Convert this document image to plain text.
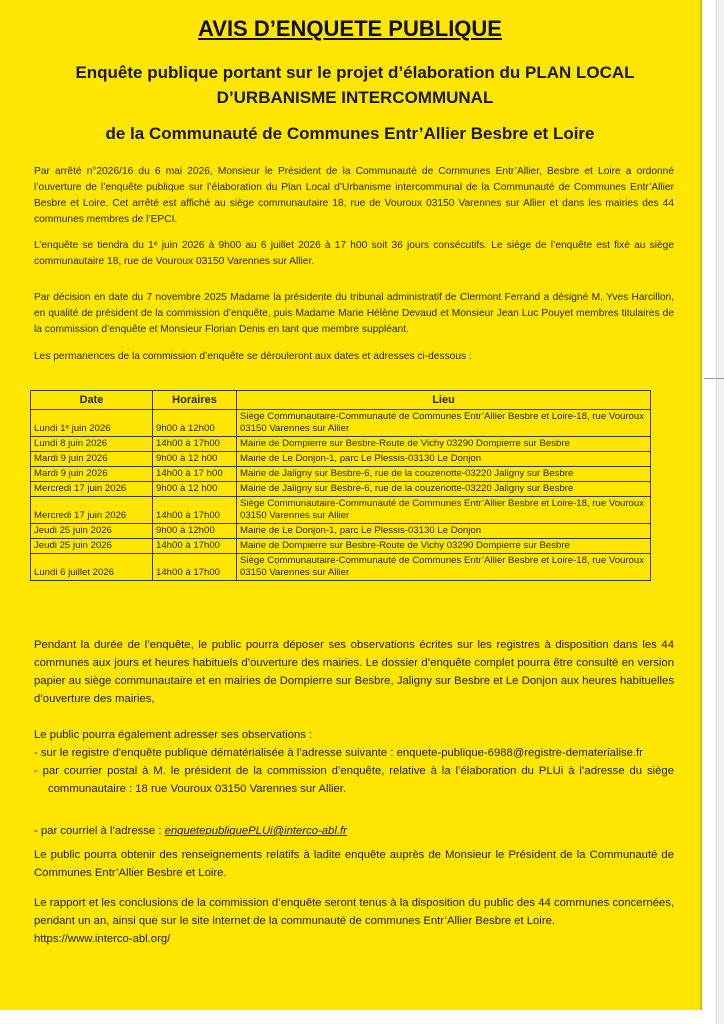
AVIS D’ENQUETE PUBLIQUE
Enquête publique portant sur le projet d’élaboration du PLAN LOCAL
D’URBANISME INTERCOMMUNAL
de la Communauté de Communes Entr’Allier Besbre et Loire

Par arrêté n°2026/16 du 6 mai 2026, Monsieur le Président de la Communauté de Communes Entr’Allier, Besbre et Loire a ordonné l’ouverture de l’enquête publique sur l’élaboration du Plan Local d’Urbanisme intercommunal de la Communauté de Communes Entr’Allier Besbre et Loire. Cet arrêté est affiché au siège communautaire 18, rue de Vouroux 03150 Varennes sur Allier et dans les mairies des 44 communes membres de l’EPCI.

L’enquête se tiendra du 1ᵉ juin 2026 à 9h00 au 6 juillet 2026 à 17 h00 soit 36 jours consécutifs. Le siège de l’enquête est fixé au siège communautaire 18, rue de Vouroux 03150 Varennes sur Allier.

Par décision en date du 7 novembre 2025 Madame la présidente du tribunal administratif de Clermont Ferrand a désigné M. Yves Harcillon, en qualité de président de la commission d’enquête, puis Madame Marie Hélène Devaud et Monsieur Jean Luc Pouyet membres titulaires de la commission d’enquête et Monsieur Florian Denis en tant que membre suppléant.

Les permanences de la commission d’enquête se dérouleront aux dates et adresses ci-dessous :

Date	Horaires	Lieu
Lundi 1ᵉ juin 2026	9h00 à 12h00	Siège Communautaire-Communauté de Communes Entr’Allier Besbre et Loire-18, rue Vouroux 03150 Varennes sur Allier
Lundi 8 juin 2026	14h00 à 17h00	Mairie de Dompierre sur Besbre-Route de Vichy 03290 Dompierre sur Besbre
Mardi 9 juin 2026	9h00 à 12 h00	Mairie de Le Donjon-1, parc Le Plessis-03130 Le Donjon
Mardi 9 juin 2026	14h00 à 17 h00	Mairie de Jaligny sur Besbre-6, rue de la couzenotte-03220 Jaligny sur Besbre
Mercredi 17 juin 2026	9h00 à 12 h00	Mairie de Jaligny sur Besbre-6, rue de la couzenotte-03220 Jaligny sur Besbre
Mercredi 17 juin 2026	14h00 à 17h00	Siège Communautaire-Communauté de Communes Entr’Allier Besbre et Loire-18, rue Vouroux 03150 Varennes sur Allier
Jeudi 25 juin 2026	9h00 à 12h00	Mairie de Le Donjon-1, parc Le Plessis-03130 Le Donjon
Jeudi 25 juin 2026	14h00 à 17h00	Mairie de Dompierre sur Besbre-Route de Vichy 03290 Dompierre sur Besbre
Lundi 6 juillet 2026	14h00 à 17h00	Siège Communautaire-Communauté de Communes Entr’Allier Besbre et Loire-18, rue Vouroux 03150 Varennes sur Allier

Pendant la durée de l’enquête, le public pourra déposer ses observations écrites sur les registres à disposition dans les 44 communes aux jours et heures habituels d’ouverture des mairies. Le dossier d’enquête complet pourra être consulté en version papier au siège communautaire et en mairies de Dompierre sur Besbre, Jaligny sur Besbre et Le Donjon aux heures habituelles d’ouverture des mairies,

Le public pourra également adresser ses observations :
- sur le registre d'enquête publique dématérialisée à l’adresse suivante : enquete-publique-6988@registre-dematerialise.fr
- par courrier postal à M. le président de la commission d’enquête, relative à la l’élaboration du PLUi à l’adresse du siège communautaire : 18 rue Vouroux 03150 Varennes sur Allier.
- par courriel à l’adresse : enquetepubliquePLUi@interco-abl.fr

Le public pourra obtenir des renseignements relatifs à ladite enquête auprès de Monsieur le Président de la Communauté de Communes Entr’Allier Besbre et Loire.

Le rapport et les conclusions de la commission d’enquête seront tenus à la disposition du public des 44 communes concernées, pendant un an, ainsi que sur le site internet de la communauté de communes Entr’Allier Besbre et Loire.
https://www.interco-abl.org/
